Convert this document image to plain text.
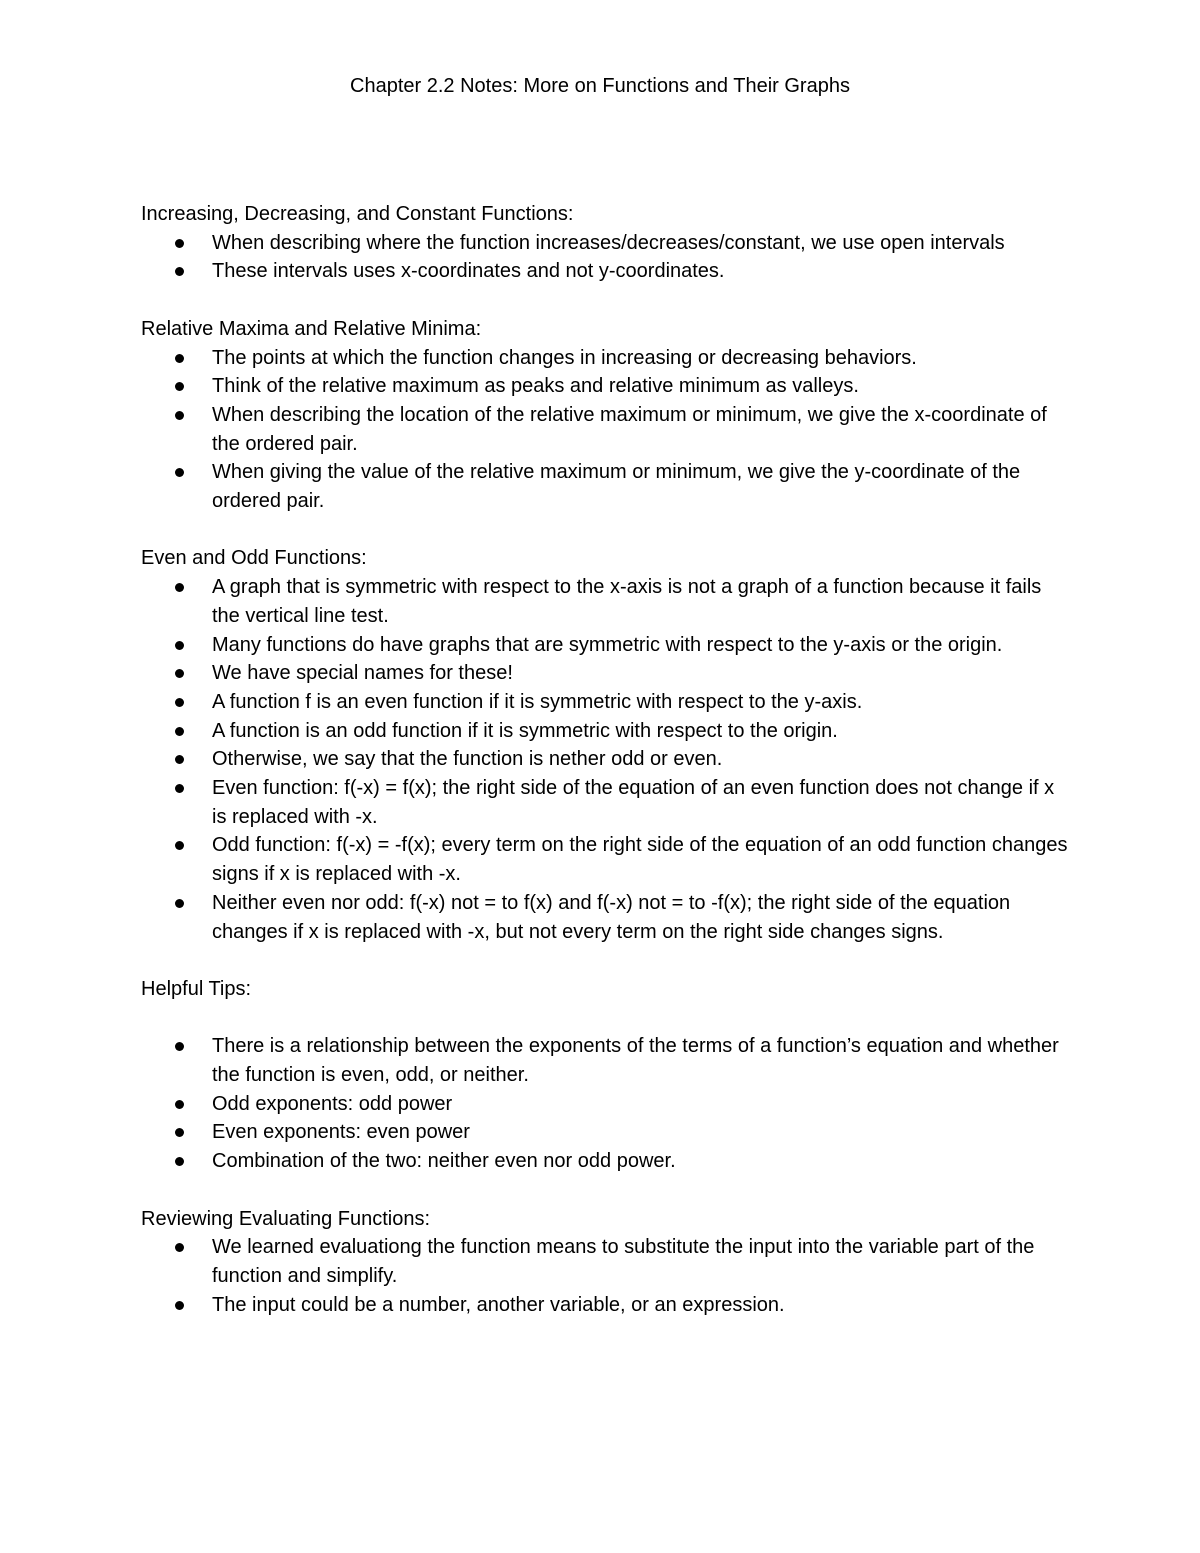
Chapter 2.2 Notes: More on Functions and Their Graphs

Increasing, Decreasing, and Constant Functions:

When describing where the function increases/decreases/constant, we use open intervals
These intervals uses x-coordinates and not y-coordinates.

Relative Maxima and Relative Minima:

The points at which the function changes in increasing or decreasing behaviors.
Think of the relative maximum as peaks and relative minimum as valleys.
When describing the location of the relative maximum or minimum, we give the x-coordinate of the ordered pair.
When giving the value of the relative maximum or minimum, we give the y-coordinate of the ordered pair.

Even and Odd Functions:

A graph that is symmetric with respect to the x-axis is not a graph of a function because it fails the vertical line test.
Many functions do have graphs that are symmetric with respect to the y-axis or the origin.
We have special names for these!
A function f is an even function if it is symmetric with respect to the y-axis.
A function is an odd function if it is symmetric with respect to the origin.
Otherwise, we say that the function is nether odd or even.
Even function: f(-x) = f(x); the right side of the equation of an even function does not change if x is replaced with -x.
Odd function: f(-x) = -f(x); every term on the right side of the equation of an odd function changes signs if x is replaced with -x.
Neither even nor odd: f(-x) not = to f(x) and f(-x) not = to -f(x); the right side of the equation changes if x is replaced with -x, but not every term on the right side changes signs.

Helpful Tips:

There is a relationship between the exponents of the terms of a function’s equation and whether the function is even, odd, or neither.
Odd exponents: odd power
Even exponents: even power
Combination of the two: neither even nor odd power.

Reviewing Evaluating Functions:

We learned evaluationg the function means to substitute the input into the variable part of the function and simplify.
The input could be a number, another variable, or an expression.
